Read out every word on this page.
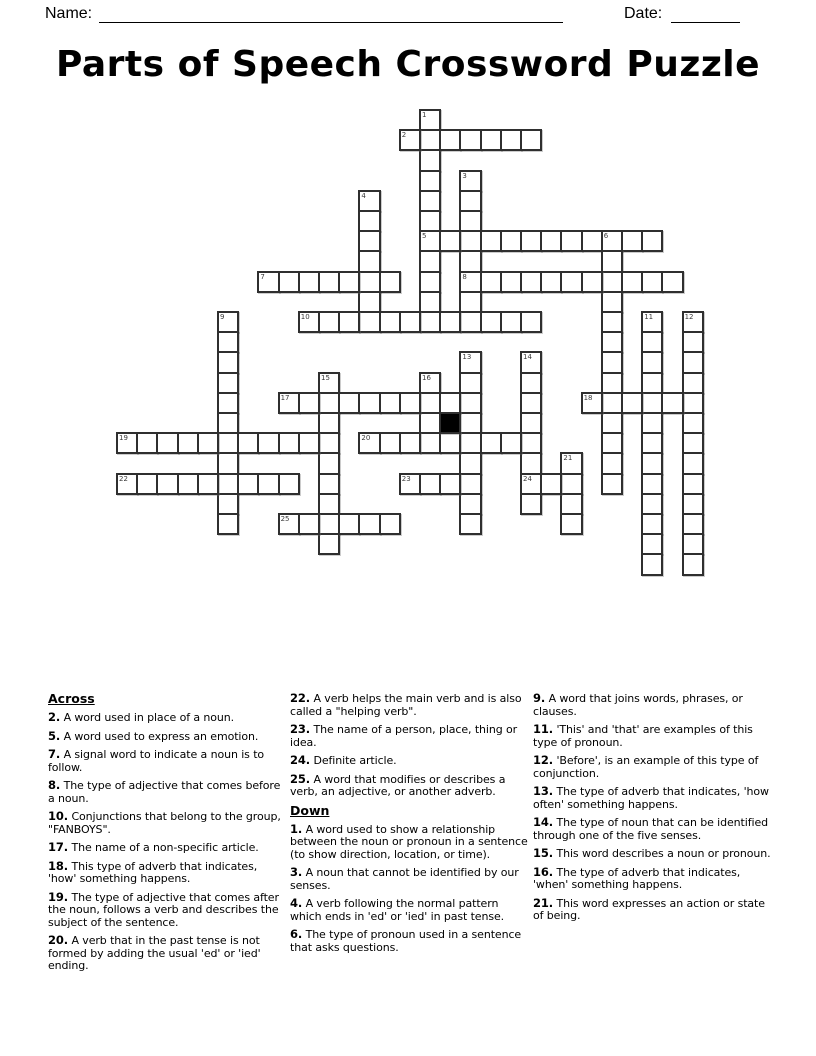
Name:	Date:
Parts of Speech Crossword Puzzle
1
2
3
4
5	6
7	8
9	10	11	12
13	14
15	16
17	18
19	20
21
22	23	24
25

Across

2. A word used in place of a noun.

5. A word used to express an emotion.

7. A signal word to indicate a noun is to follow.

8. The type of adjective that comes before a noun.

10. Conjunctions that belong to the group, "FANBOYS".

17. The name of a non-specific article.

18. This type of adverb that indicates, 'how' something happens.

19. The type of adjective that comes after the noun, follows a verb and describes the subject of the sentence.

20. A verb that in the past tense is not formed by adding the usual 'ed' or 'ied' ending.

22. A verb helps the main verb and is also called a "helping verb".

23. The name of a person, place, thing or idea.

24. Definite article.

25. A word that modifies or describes a verb, an adjective, or another adverb.

Down

1. A word used to show a relationship between the noun or pronoun in a sentence (to show direction, location, or time).

3. A noun that cannot be identified by our senses.

4. A verb following the normal pattern which ends in 'ed' or 'ied' in past tense.

6. The type of pronoun used in a sentence that asks questions.

9. A word that joins words, phrases, or clauses.

11. 'This' and 'that' are examples of this type of pronoun.

12. 'Before', is an example of this type of conjunction.

13. The type of adverb that indicates, 'how often' something happens.

14. The type of noun that can be identified through one of the five senses.

15. This word describes a noun or pronoun.

16. The type of adverb that indicates, 'when' something happens.

21. This word expresses an action or state of being.
